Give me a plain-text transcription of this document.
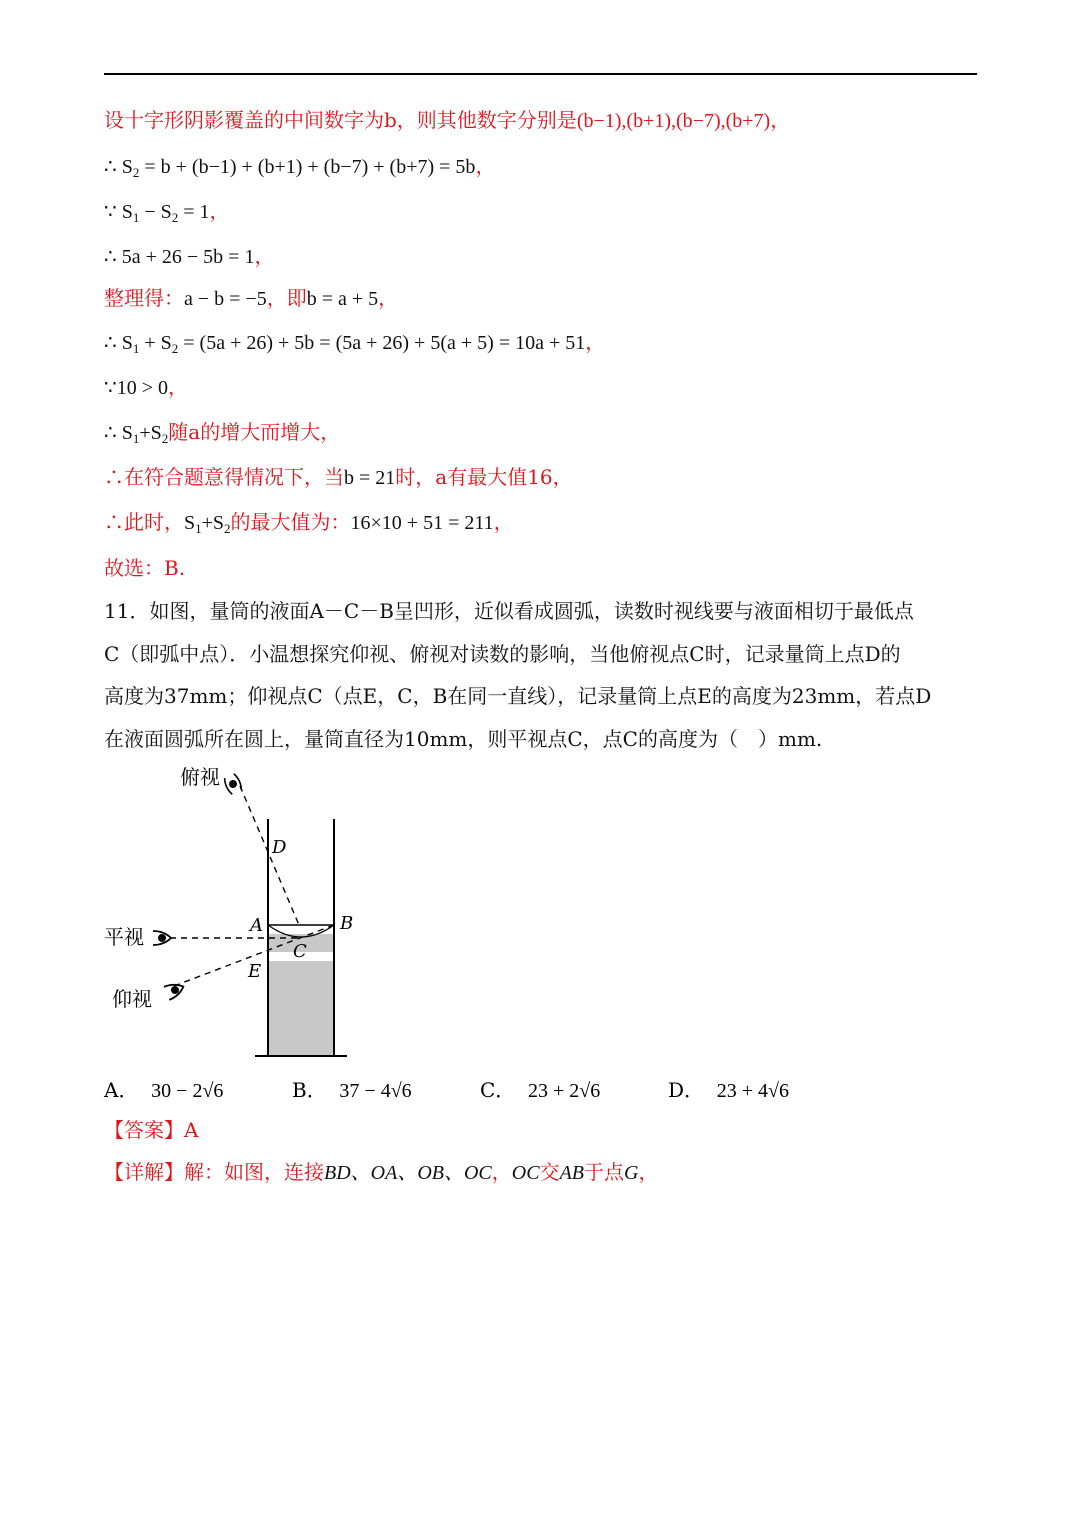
设十字形阴影覆盖的中间数字为b，则其他数字分别是(b−1),(b+1),(b−7),(b+7)，
∴ $S_2 = b + (b-1) + (b+1) + (b-7) + (b+7) = 5b$，
∵ $S_1 - S_2 = 1$，
∴ 5a + 26 − 5b = 1，
整理得：a − b = −5，即b = a + 5，
∴ $S_1 + S_2 = (5a + 26) + 5b = (5a + 26) + 5(a + 5) = 10a + 51$，
∵10 > 0，
∴ $S_1+S_2$随a的增大而增大，
∴在符合题意得情况下，当b = 21时，a有最大值16，
∴此时，$S_1+S_2$的最大值为：16×10 + 51 = 211，
故选：B.
11．如图，量筒的液面A－C－B呈凹形，近似看成圆弧，读数时视线要与液面相切于最低点
C（即弧中点）．小温想探究仰视、俯视对读数的影响，当他俯视点C时，记录量筒上点D的
高度为37mm；仰视点C（点E，C，B在同一直线），记录量筒上点E的高度为23mm，若点D
在液面圆弧所在圆上，量筒直径为10mm，则平视点C，点C的高度为（　）mm.
俯视
平视
仰视
D
A	B
C
E
A． 30 − 2√6	B． 37 − 4√6	C． 23 + 2√6	D． 23 + 4√6
【答案】A
【详解】解：如图，连接BD、OA、OB、OC，OC交AB于点G，
